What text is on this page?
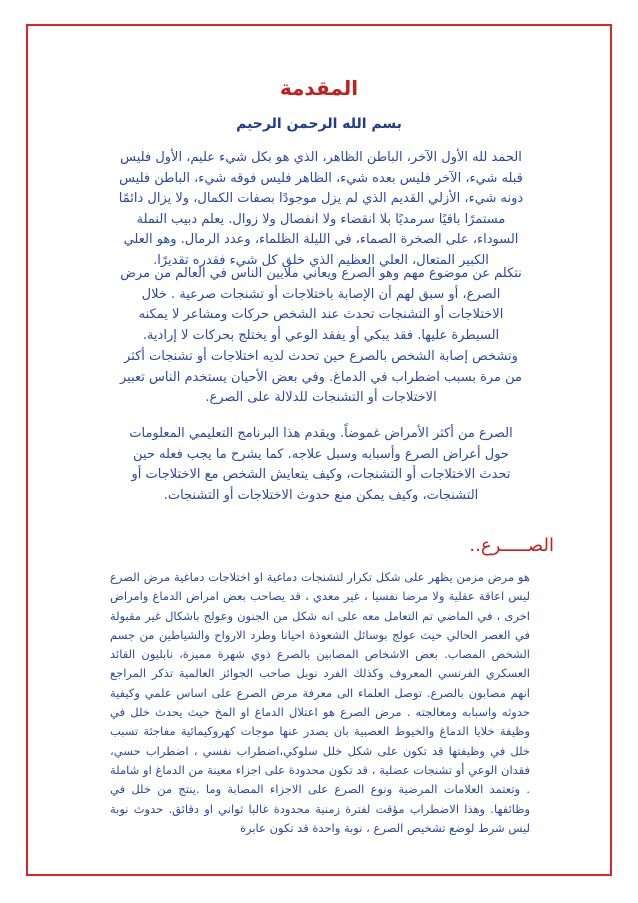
المقدمة
بسم الله الرحمن الرحيم
الحمد لله الأول الآخر، الباطن الظاهر، الذي هو بكل شيء عليم، الأول فليس قبله شيء، الآخر فليس بعده شيء، الظاهر فليس فوقه شيء، الباطن فليس دونه شيء، الأزلي القديم الذي لم يزل موجودًا بصفات الكمال، ولا يزال دائمًا مستمرًا باقيًا سرمديًا بلا انقضاء ولا انفصال ولا زوال. يعلم دبيب النملة السوداء، على الصخرة الصماء، في الليلة الظلماء، وعدد الرمال. وهو العلي الكبير المتعال، العلي العظيم الذي خلق كل شيء فقدره تقديرًا.
نتكلم عن موضوع مهم وهو الصرع ويعاني ملايين الناس في العالم من مرض الصرع، أو سبق لهم أن الإصابة باختلاجات أو تشنجات صرعية . خلال الاختلاجات أو التشنجات تحدث عند الشخص حركات ومشاعر لا يمكنه السيطرة عليها. فقد يبكي أو يفقد الوعي أو يختلج بحركات لا إرادية.
وتشخص إصابة الشخص بالصرع حين تحدث لديه اختلاجات أو تشنجات أكثر من مرة بسبب اضطراب في الدماغ. وفي بعض الأحيان يستخدم الناس تعبير الاختلاجات أو التشنجات للدلالة على الصرع.
الصرع من أكثر الأمراض غموضاً. ويقدم هذا البرنامج التعليمي المعلومات حول أعراض الصرع وأسبابه وسبل علاجه. كما يشرح ما يجب فعله حين تحدث الاختلاجات أو التشنجات، وكيف يتعايش الشخص مع الاختلاجات أو التشنجات، وكيف يمكن منع حدوث الاختلاجات أو التشنجات.
الصـــــرع..

هو مرض مزمن يظهر على شكل تكرار لتشنجات دماغية او اختلاجات دماغية مرض الصرع ليس اعاقة عقلية ولا مرضا نفسيا ، غير معدي ، قد يصاحب بعض امراض الدماغ وامراض اخرى ، في الماضي تم التعامل معه على انه شكل من الجنون وعولج باشكال غير مقبولة في العصر الحالي حيث عولج بوسائل الشعوذة احيانا وطرد الارواح والشياطين من جسم الشخص المصاب. بعض الاشخاص المصابين بالصرع ذوي شهرة مميزة، نابليون القائد العسكري الفرنسي المعروف وكذلك الفرد نوبل صاحب الجوائز العالمية تذكر المراجع انهم مصابون بالصرع. توصل العلماء الى معرفة مرض الصرع على اساس علمي وكيفية حدوثه واسبابه ومعالجته . مرض الصرع هو اعتلال الدماغ او المخ حيث يحدث خلل في وظيفة خلايا الدماغ والخيوط العصبية بان يصدر عنها موجات كهروكيمائية مفاجئة تسبب خلل في وظيفتها قد تكون على شكل خلل سلوكي،اضطراب نفسي ، اضطراب حسي، فقدان الوعي أو تشنجات عضلية ، قد تكون محدودة على اجزاء معينة من الدماغ او شاملة . وتعتمد العلامات المرضية ونوع الصرع على الاجزاء المصابة وما .ينتج من خلل في وظائفها. وهذا الاضطراب مؤقت لفترة زمنية محدودة غالبا ثواني او دقائق. حدوث نوبة ليس شرط لوضع تشخيص الصرع ، نوبة واحدة قد تكون عابرة
